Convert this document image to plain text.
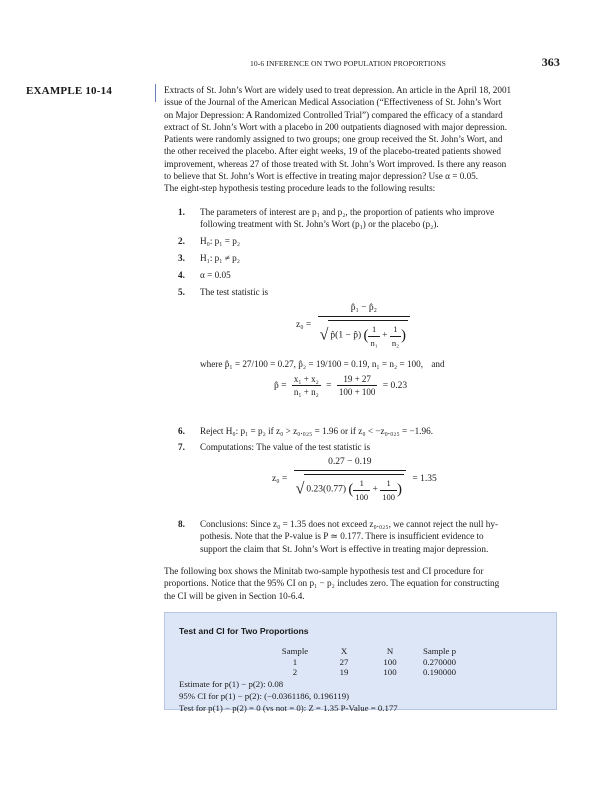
10-6 INFERENCE ON TWO POPULATION PROPORTIONS	363
EXAMPLE 10-14	Extracts of St. John’s Wort are widely used to treat depression. An article in the April 18, 2001

issue of the Journal of the American Medical Association (“Effectiveness of St. John’s Wort

on Major Depression: A Randomized Controlled Trial”) compared the efficacy of a standard

extract of St. John’s Wort with a placebo in 200 outpatients diagnosed with major depression.

Patients were randomly assigned to two groups; one group received the St. John’s Wort, and

the other received the placebo. After eight weeks, 19 of the placebo-treated patients showed

improvement, whereas 27 of those treated with St. John’s Wort improved. Is there any reason

to believe that St. John’s Wort is effective in treating major depression? Use α = 0.05.

The eight-step hypothesis testing procedure leads to the following results:

1. The parameters of interest are p₁ and p₂, the proportion of patients who improve
following treatment with St. John’s Wort (p₁) or the placebo (p₂).
2. H₀: p₁ = p₂
3. H₁: p₁ ≠ p₂
4. α = 0.05
5. The test statistic is
z₀ =
p̂₁ − p̂₂
√ p̂(1 − p̂) ( $\frac{1}{\text{n₁}} + \frac{1}{\text{n₂}}$ )
where p̂₁ = 27/100 = 0.27, p̂₂ = 19/100 = 0.19, n₁ = n₂ = 100, and
p̂ = $\frac{\text{x₁ + x₂}}{\text{n₁ + n₂}} = \frac{19 + 27}{100 + 100} = 0.23$
6. Reject H₀: p₁ = p₂ if z₀ > z₀.₀₂₅ = 1.96 or if z₀ < −z₀.₀₂₅ = −1.96.
7. Computations: The value of the test statistic is
z₀ =
0.27 − 0.19
√ 0.23(0.77) ( $\frac{1}{100} + \frac{1}{100}$ )
= 1.35
8. Conclusions: Since z₀ = 1.35 does not exceed z₀.₀₂₅, we cannot reject the null hy-
pothesis. Note that the P-value is P ≃ 0.177. There is insufficient evidence to
support the claim that St. John’s Wort is effective in treating major depression.

The following box shows the Minitab two-sample hypothesis test and CI procedure for

proportions. Notice that the 95% CI on p₁ − p₂ includes zero. The equation for constructing

the CI will be given in Section 10-6.4.

Test and CI for Two Proportions
Sample	X	N	Sample p
1	27	100	0.270000
2	19	100	0.190000
Estimate for p(1) − p(2): 0.08
95% CI for p(1) − p(2): (−0.0361186, 0.196119)
Test for p(1) − p(2) = 0 (vs not = 0): Z = 1.35 P-Value = 0.177
